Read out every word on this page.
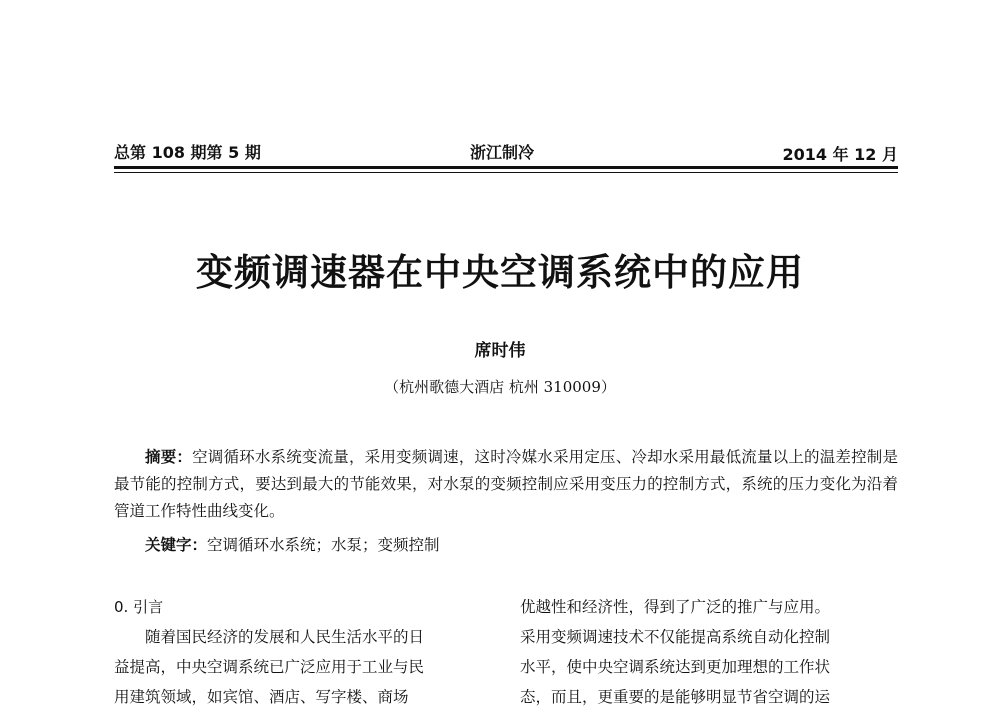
总第 108 期第 5 期	浙江制冷	2014 年 12 月
变频调速器在中央空调系统中的应用
席时伟
（杭州歌德大酒店 杭州 310009）
摘要：空调循环水系统变流量，采用变频调速，这时冷媒水采用定压、冷却水采用最低流量以上的温差控制是最节能的控制方式，要达到最大的节能效果，对水泵的变频控制应采用变压力的控制方式，系统的压力变化为沿着管道工作特性曲线变化。
关键字：空调循环水系统；水泵；变频控制
0. 引言
随着国民经济的发展和人民生活水平的日
益提高，中央空调系统已广泛应用于工业与民
用建筑领域，如宾馆、酒店、写字楼、商场
优越性和经济性，得到了广泛的推广与应用。
采用变频调速技术不仅能提高系统自动化控制
水平，使中央空调系统达到更加理想的工作状
态，而且，更重要的是能够明显节省空调的运
